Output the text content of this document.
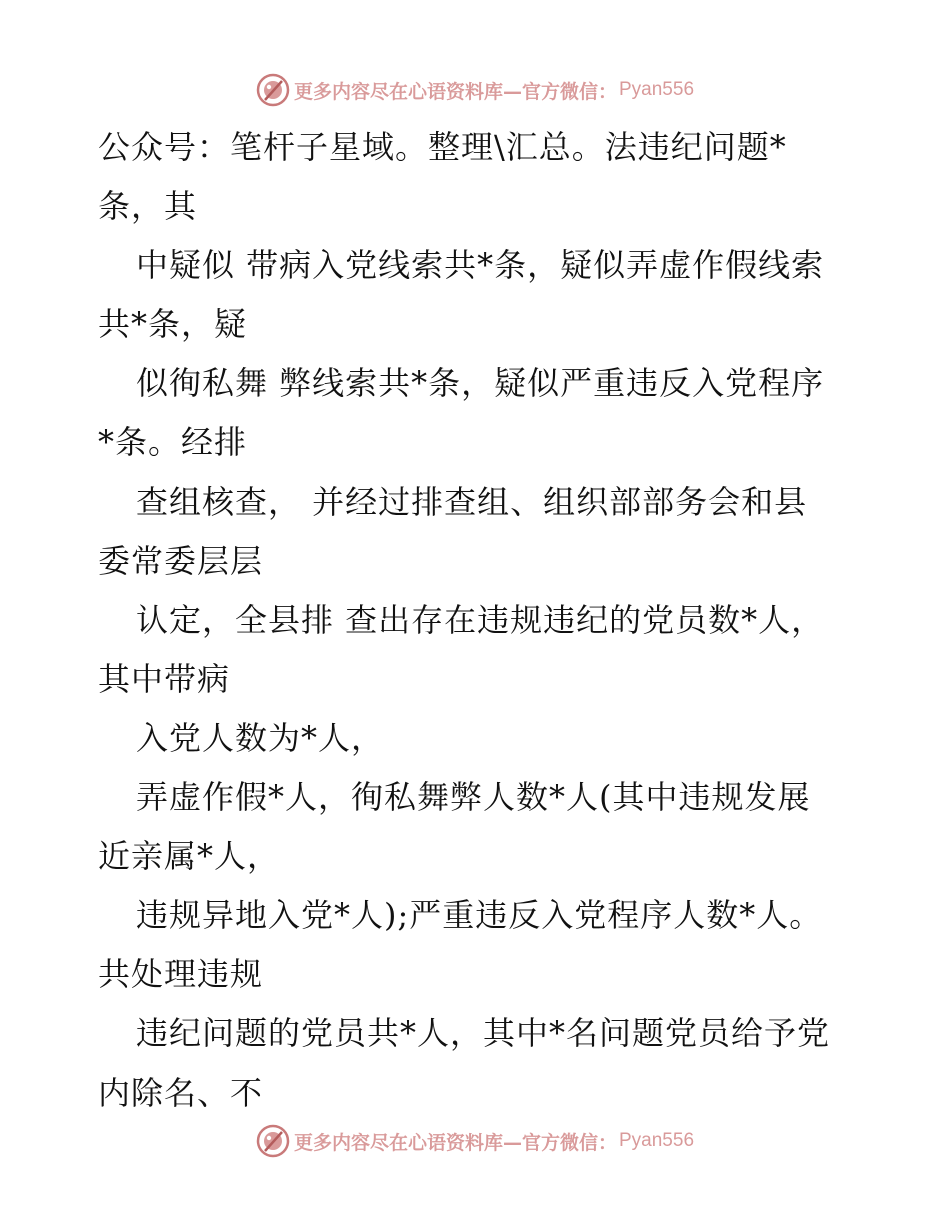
更多内容尽在心语资料库—官方微信： Pyan556
公众号：笔杆子星域。整理\汇总。法违纪问题*
条，其
中疑似 带病入党线索共*条，疑似弄虚作假线索
共*条，疑
似徇私舞 弊线索共*条，疑似严重违反入党程序
*条。经排
查组核查， 并经过排查组、组织部部务会和县
委常委层层
认定，全县排 查出存在违规违纪的党员数*人，
其中带病
入党人数为*人，
弄虚作假*人，徇私舞弊人数*人(其中违规发展
近亲属*人，
违规异地入党*人);严重违反入党程序人数*人。
共处理违规
违纪问题的党员共*人，其中*名问题党员给予党
内除名、不
更多内容尽在心语资料库—官方微信： Pyan556
